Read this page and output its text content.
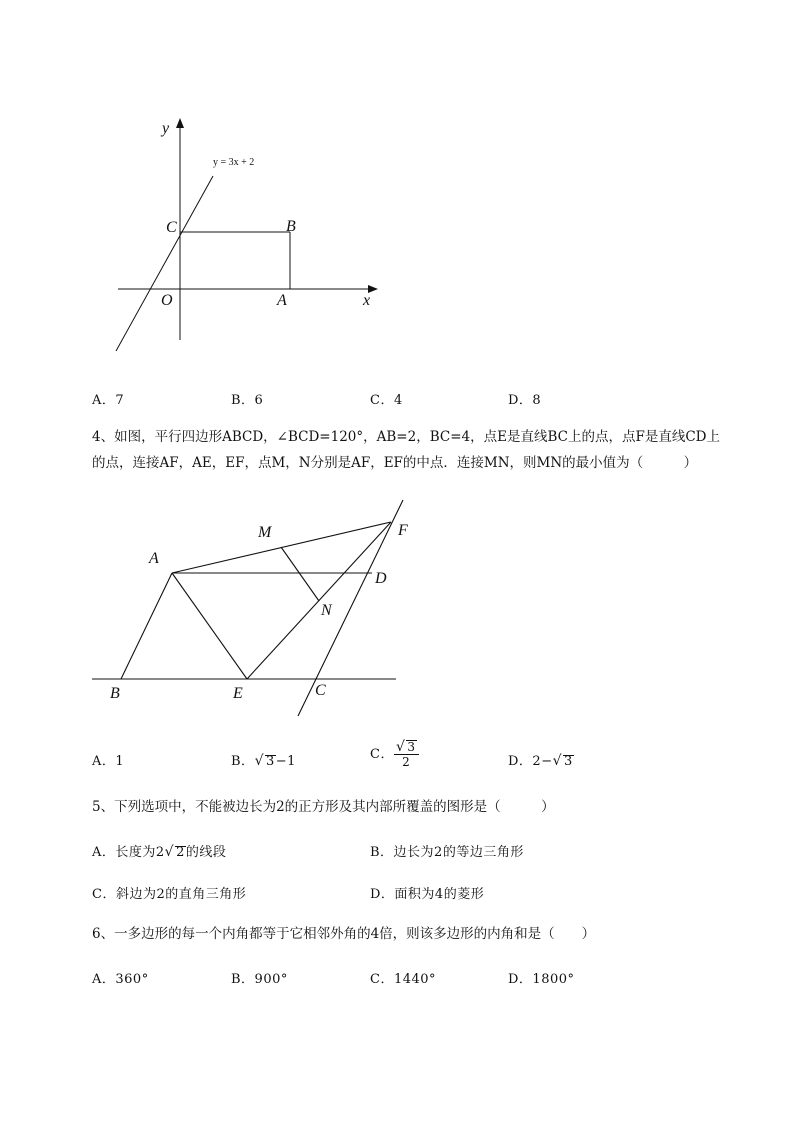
y
x
y = 3x + 2
C	B
O	A
A．7	B．6	C．4	D．8
4、如图，平行四边形ABCD，∠BCD=120°，AB=2，BC=4，点E是直线BC上的点，点F是直线CD上
的点，连接AF，AE，EF，点M，N分别是AF，EF的中点．连接MN，则MN的最小值为（　　　）
A
B	C
D
E
F
M
N
A．1	B．√ 3−1	C． $\frac{√ 3}{2}$	D．2−√ 3
5、下列选项中，不能被边长为2的正方形及其内部所覆盖的图形是（　　　）
A．长度为2√ 2的线段	B．边长为2的等边三角形
C．斜边为2的直角三角形	D．面积为4的菱形
6、一多边形的每一个内角都等于它相邻外角的4倍，则该多边形的内角和是（　　）
A．360°	B．900°	C．1440°	D．1800°
